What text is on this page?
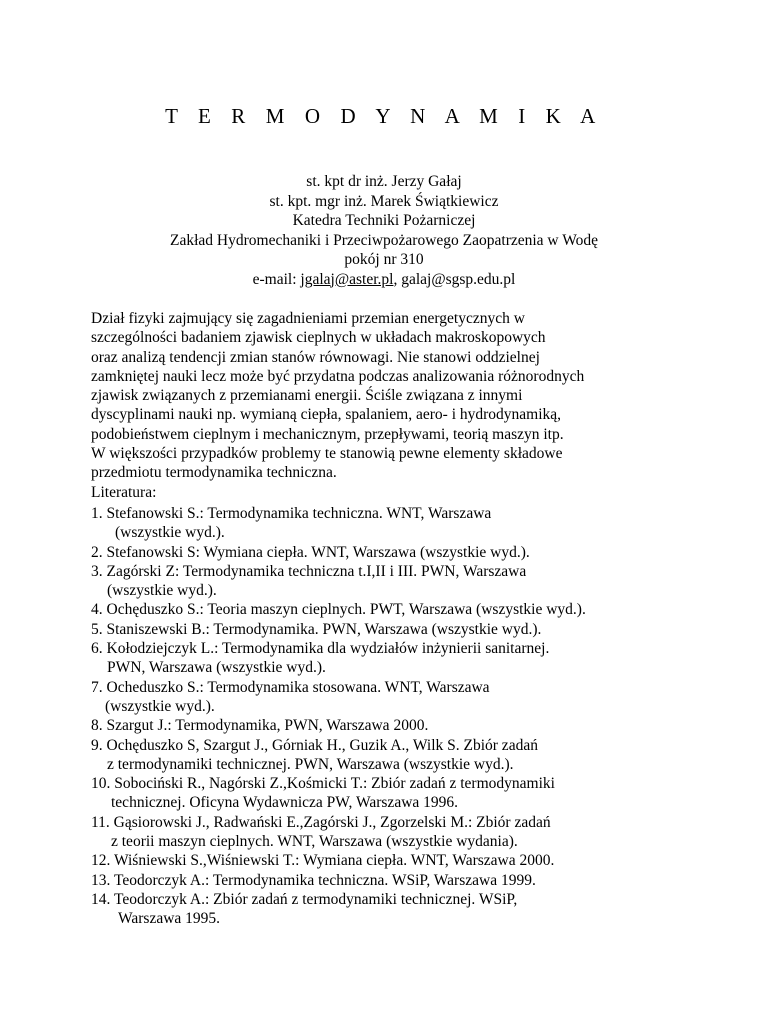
T E R M O D Y N A M I K A
st. kpt dr inż. Jerzy Gałaj
st. kpt. mgr inż. Marek Świątkiewicz
Katedra Techniki Pożarniczej
Zakład Hydromechaniki i Przeciwpożarowego Zaopatrzenia w Wodę
pokój nr 310
e-mail: jgalaj@aster.pl, galaj@sgsp.edu.pl
Dział fizyki zajmujący się zagadnieniami przemian energetycznych w
szczególności badaniem zjawisk cieplnych w układach makroskopowych
oraz analizą tendencji zmian stanów równowagi. Nie stanowi oddzielnej
zamkniętej nauki lecz może być przydatna podczas analizowania różnorodnych
zjawisk związanych z przemianami energii. Ściśle związana z innymi
dyscyplinami nauki np. wymianą ciepła, spalaniem, aero- i hydrodynamiką,
podobieństwem cieplnym i mechanicznym, przepływami, teorią maszyn itp.
W większości przypadków problemy te stanowią pewne elementy składowe
przedmiotu termodynamika techniczna.
Literatura:
1. Stefanowski S.: Termodynamika techniczna. WNT, Warszawa
(wszystkie wyd.).
2. Stefanowski S: Wymiana ciepła. WNT, Warszawa (wszystkie wyd.).
3. Zagórski Z: Termodynamika techniczna t.I,II i III. PWN, Warszawa
(wszystkie wyd.).
4. Ochęduszko S.: Teoria maszyn cieplnych. PWT, Warszawa (wszystkie wyd.).
5. Staniszewski B.: Termodynamika. PWN, Warszawa (wszystkie wyd.).
6. Kołodziejczyk L.: Termodynamika dla wydziałów inżynierii sanitarnej.
PWN, Warszawa (wszystkie wyd.).
7. Ocheduszko S.: Termodynamika stosowana. WNT, Warszawa
(wszystkie wyd.).
8. Szargut J.: Termodynamika, PWN, Warszawa 2000.
9. Ochęduszko S, Szargut J., Górniak H., Guzik A., Wilk S. Zbiór zadań
z termodynamiki technicznej. PWN, Warszawa (wszystkie wyd.).
10. Sobociński R., Nagórski Z.,Kośmicki T.: Zbiór zadań z termodynamiki
technicznej. Oficyna Wydawnicza PW, Warszawa 1996.
11. Gąsiorowski J., Radwański E.,Zagórski J., Zgorzelski M.: Zbiór zadań
z teorii maszyn cieplnych. WNT, Warszawa (wszystkie wydania).
12. Wiśniewski S.,Wiśniewski T.: Wymiana ciepła. WNT, Warszawa 2000.
13. Teodorczyk A.: Termodynamika techniczna. WSiP, Warszawa 1999.
14. Teodorczyk A.: Zbiór zadań z termodynamiki technicznej. WSiP,
Warszawa 1995.
